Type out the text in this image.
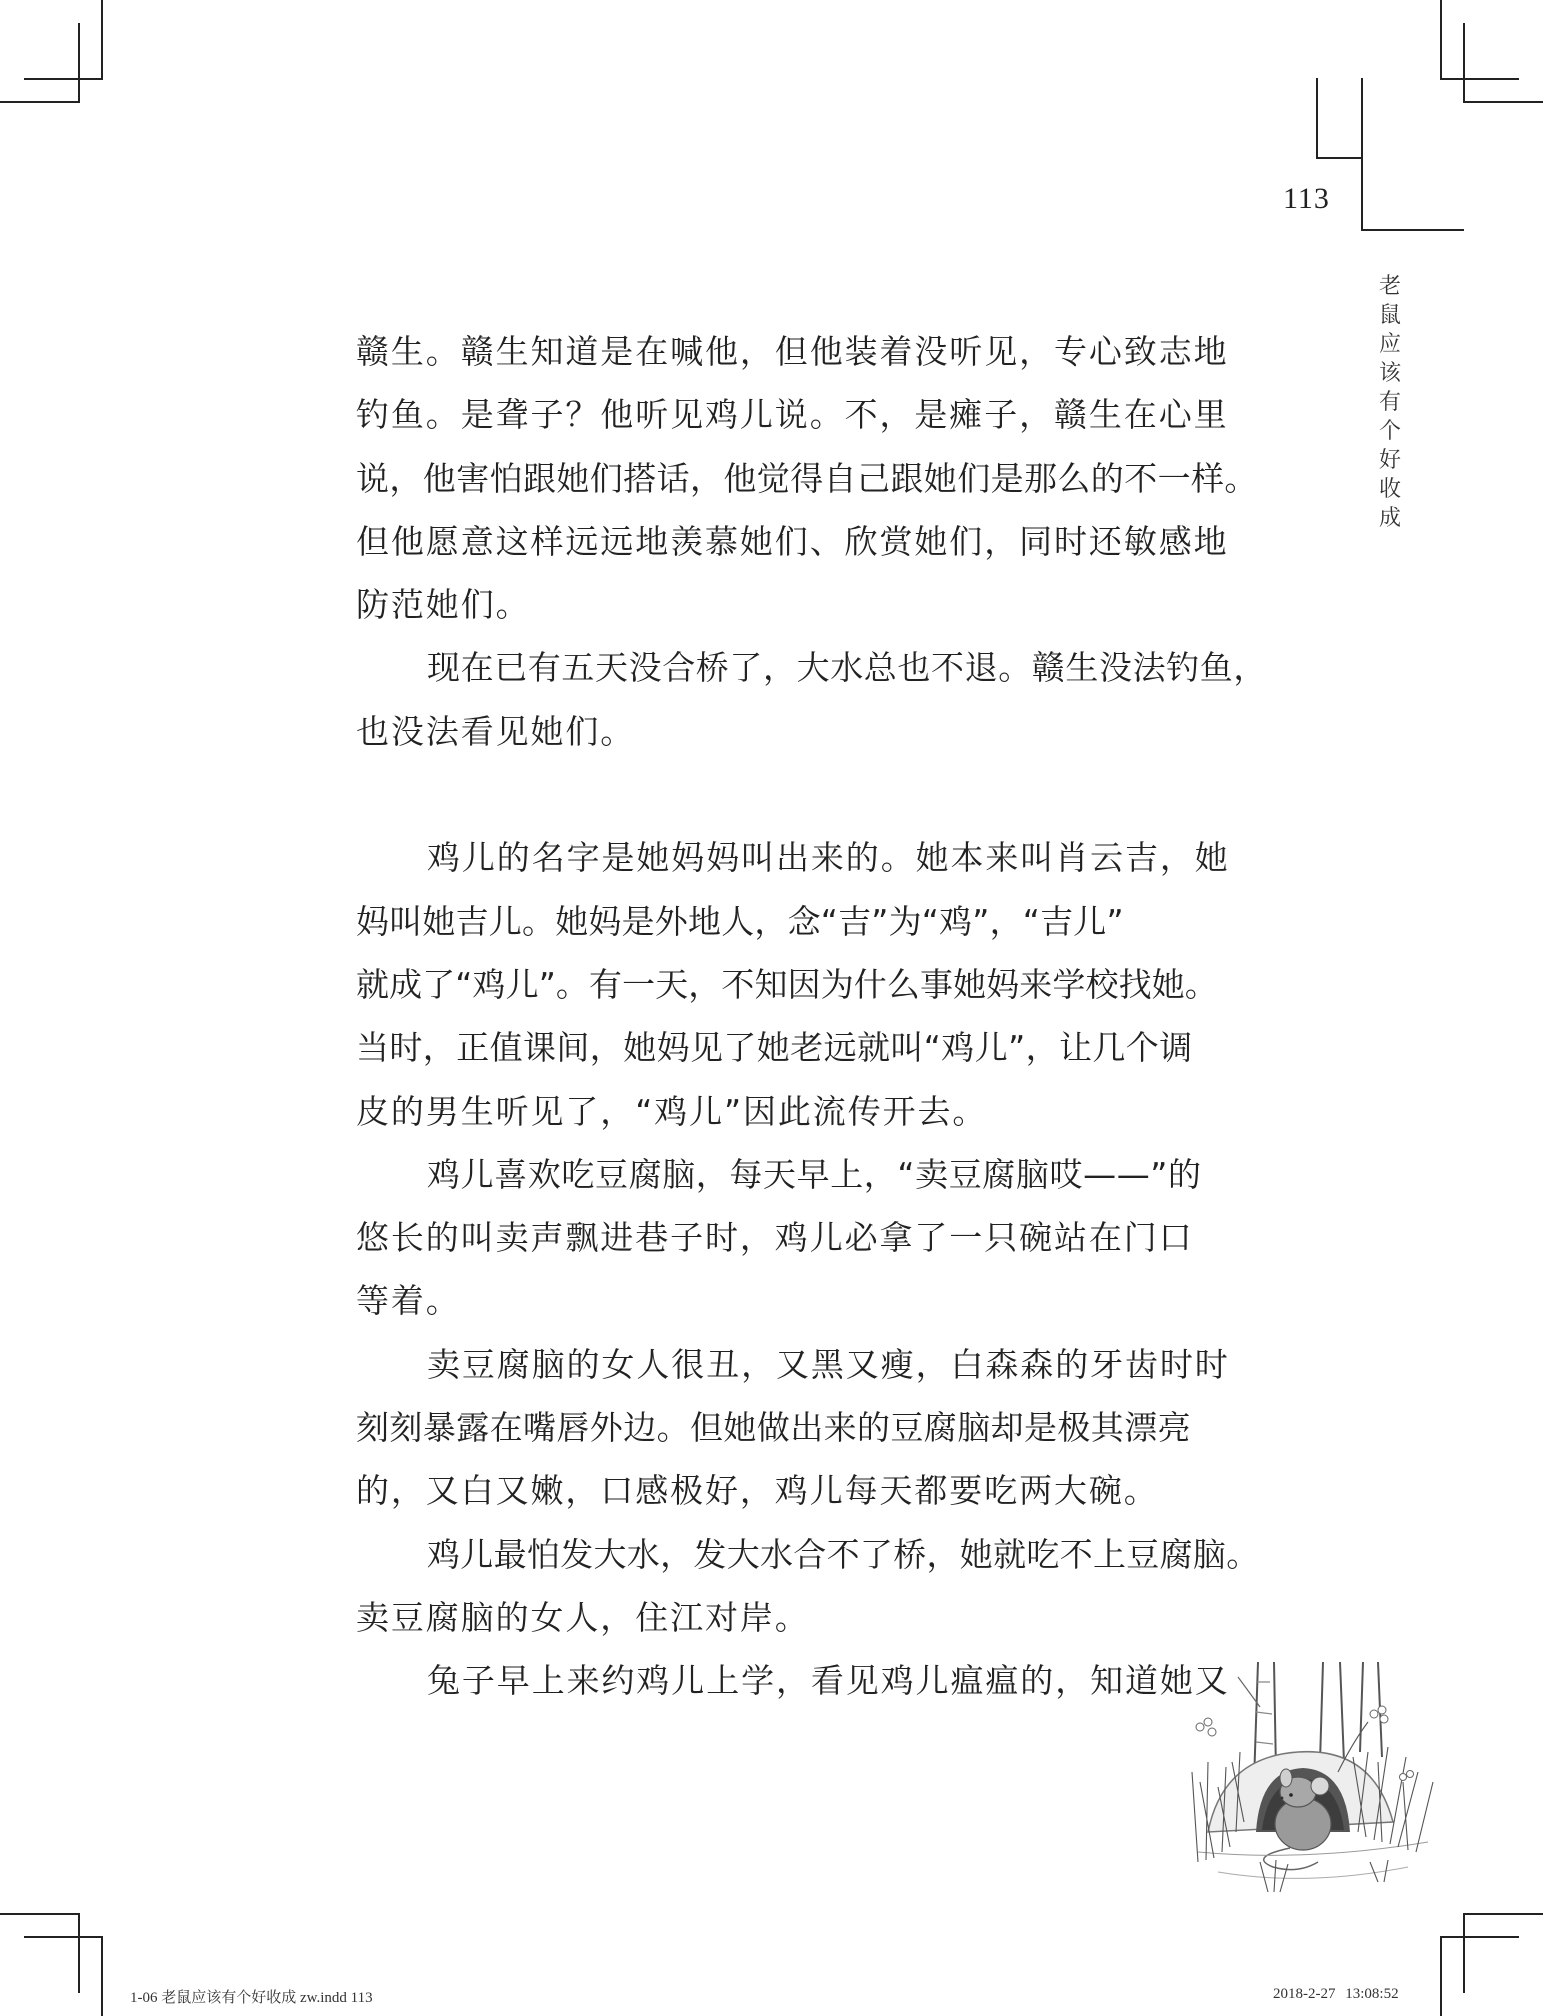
113
老
鼠
应
该
有
个
好
收
成
赣生。赣生知道是在喊他，但他装着没听见，专心致志地
钓鱼。是聋子？他听见鸡儿说。不，是瘫子，赣生在心里
说，他害怕跟她们搭话，他觉得自己跟她们是那么的不一样。
但他愿意这样远远地羡慕她们、欣赏她们，同时还敏感地
防范她们。
现在已有五天没合桥了，大水总也不退。赣生没法钓鱼，
也没法看见她们。
鸡儿的名字是她妈妈叫出来的。她本来叫肖云吉，她
妈叫她吉儿。她妈是外地人，念“吉”为“鸡”，“吉儿”
就成了“鸡儿”。有一天，不知因为什么事她妈来学校找她。
当时，正值课间，她妈见了她老远就叫“鸡儿”，让几个调
皮的男生听见了，“鸡儿”因此流传开去。
鸡儿喜欢吃豆腐脑，每天早上，“卖豆腐脑哎——”的
悠长的叫卖声飘进巷子时，鸡儿必拿了一只碗站在门口
等着。
卖豆腐脑的女人很丑，又黑又瘦，白森森的牙齿时时
刻刻暴露在嘴唇外边。但她做出来的豆腐脑却是极其漂亮
的，又白又嫩，口感极好，鸡儿每天都要吃两大碗。
鸡儿最怕发大水，发大水合不了桥，她就吃不上豆腐脑。
卖豆腐脑的女人，住江对岸。
兔子早上来约鸡儿上学，看见鸡儿瘟瘟的，知道她又
1-06 老鼠应该有个好收成 zw.indd 113	2018-2-27 13:08:52
